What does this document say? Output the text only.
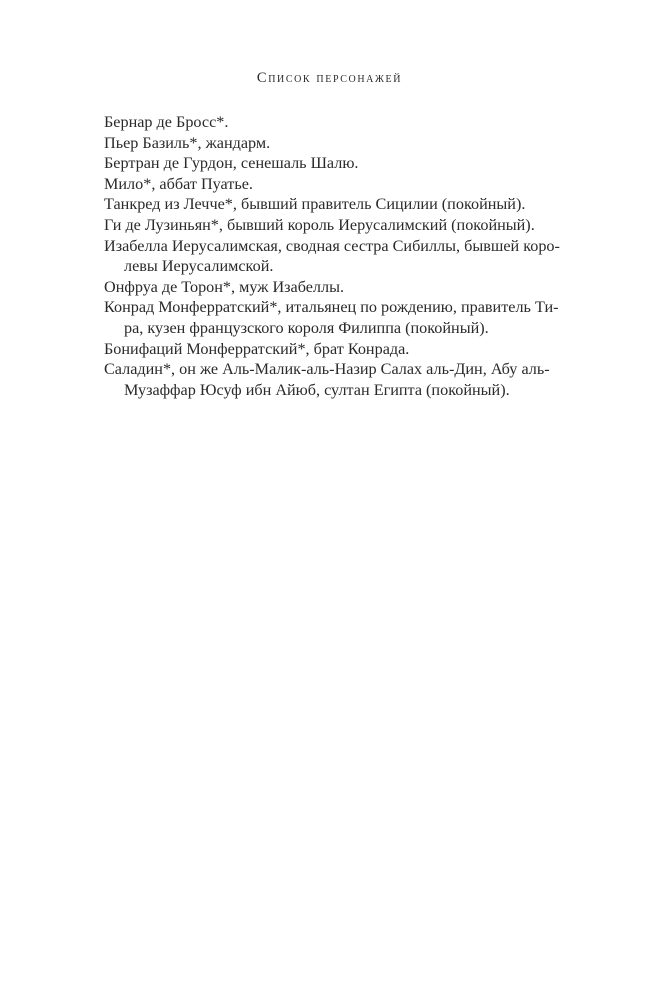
Список персонажей

Бернар де Бросс*.

Пьер Базиль*, жандарм.

Бертран де Гурдон, сенешаль Шалю.

Мило*, аббат Пуатье.

Танкред из Лечче*, бывший правитель Сицилии (покойный).

Ги де Лузиньян*, бывший король Иерусалимский (покойный).

Изабелла Иерусалимская, сводная сестра Сибиллы, бывшей коро-
левы Иерусалимской.

Онфруа де Торон*, муж Изабеллы.

Конрад Монферратский*, итальянец по рождению, правитель Ти-
ра, кузен французского короля Филиппа (покойный).

Бонифаций Монферратский*, брат Конрада.

Саладин*, он же Аль-Малик-аль-Назир Салах аль-Дин, Абу аль-
Музаффар Юсуф ибн Айюб, султан Египта (покойный).
